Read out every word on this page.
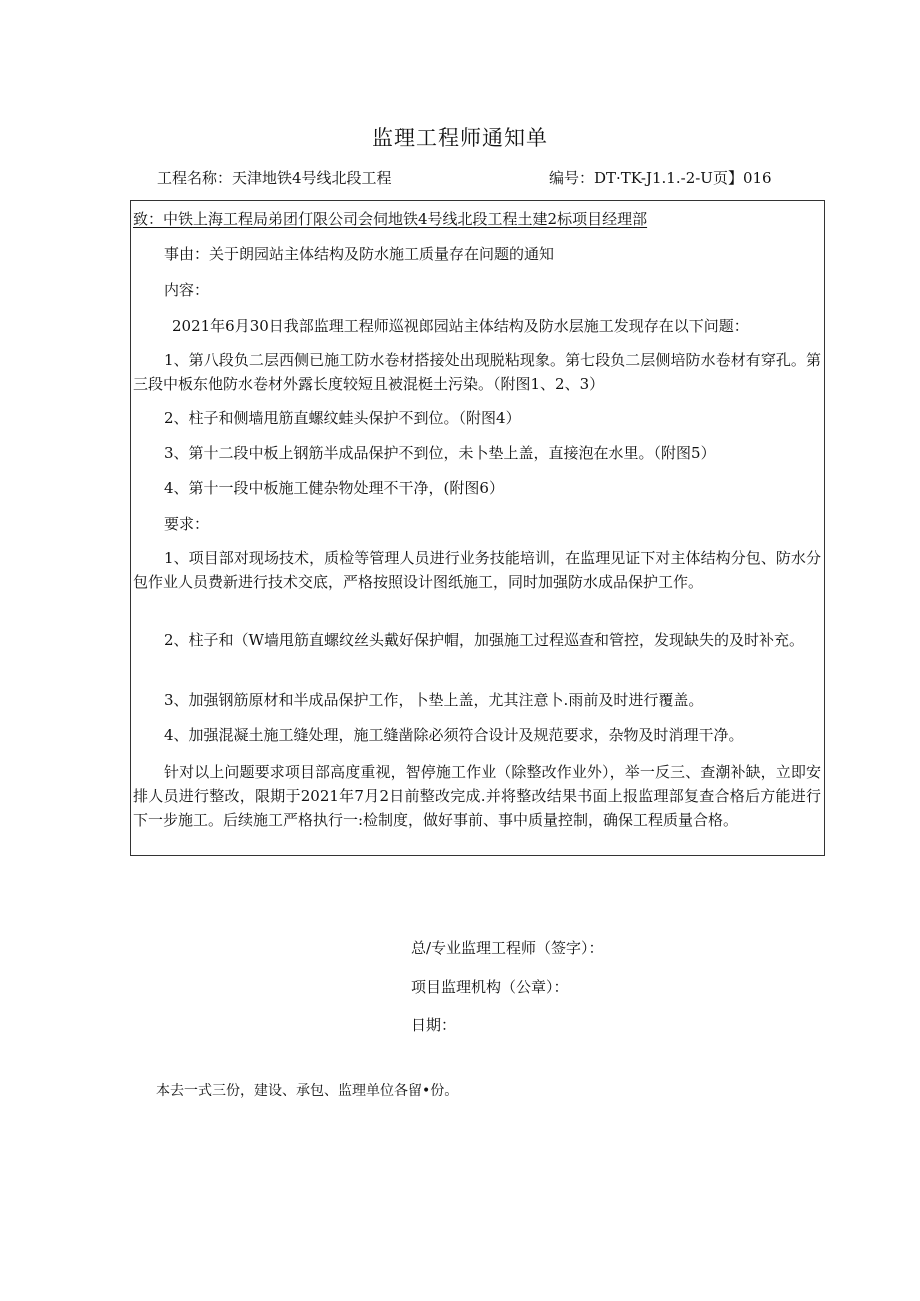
监理工程师通知单
工程名称：天津地铁4号线北段工程	编号：DT·TK-J1.1.-2-U页】016
致：中铁上海工程局弟团仃限公司会伺地铁4号线北段工程土建2标项目经理部
事由：关于朗园站主体结构及防水施工质量存在问题的通知
内容：
2021年6月30日我部监理工程师巡视郎园站主体结构及防水层施工发现存在以下问题：
1、第八段负二层西侧已施工防水卷材搭接处出现脱粘现象。第七段负二层侧培防水卷材有穿孔。第三段中板东他防水卷材外露长度较短且被混梃土污染。（附图1、2、3）
2、柱子和侧墙甩筋直螺纹蛙头保护不到位。（附图4）
3、第十二段中板上钢筋半成品保护不到位，未卜垫上盖，直接泡在水里。（附图5）
4、第十一段中板施工健杂物处理不干净，(附图6）
要求：
1、项目部对现场技术，质检等管理人员进行业务技能培训，在监理见证下对主体结构分包、防水分包作业人员费新进行技术交底，严格按照设计图纸施工，同时加强防水成品保护工作。
2、柱子和（W墙甩筋直螺纹丝头戴好保护帽，加强施工过程巡查和管控，发现缺失的及时补充。
3、加强钢筋原材和半成品保护工作，卜垫上盖，尤其注意卜.雨前及时进行覆盖。
4、加强混凝土施工缝处理，施工缝凿除必须符合设计及规范要求，杂物及时消理干净。
针对以上问题要求项目部高度重视，智停施工作业（除整改作业外），举一反三、查潮补缺，立即安排人员进行整改，限期于2021年7月2日前整改完成.并将整改结果书面上报监理部复查合格后方能进行下一步施工。后续施工严格执行一:检制度，做好事前、事中质量控制，确保工程质量合格。
总/专业监理工程师（签字）：
项目监理机构（公章）：
日期：
本去一式三份，建设、承包、监理单位各留•份。
